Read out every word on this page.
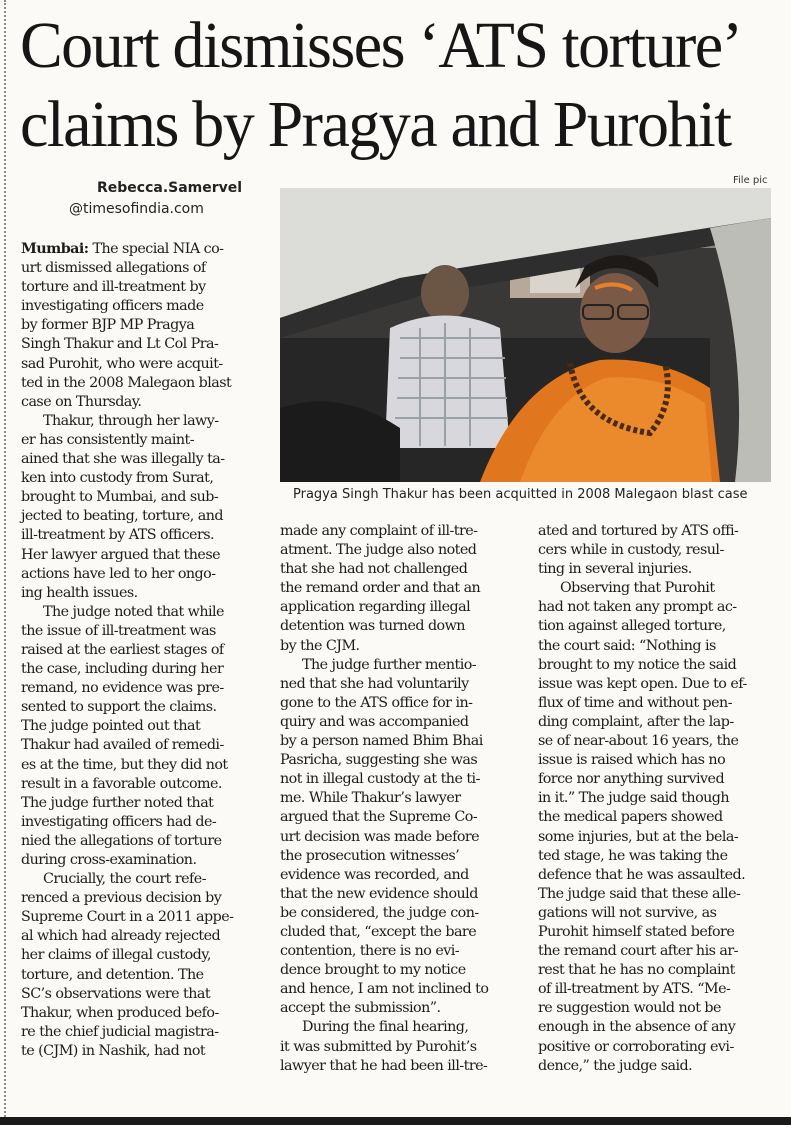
Court dismisses ‘ATS torture’
claims by Pragya and Purohit
Rebecca.Samervel
@timesofindia.com
File pic
Pragya Singh Thakur has been acquitted in 2008 Malegaon blast case

Mumbai: The special NIA co-
urt dismissed allegations of
torture and ill-treatment by
investigating officers made
by former BJP MP Pragya
Singh Thakur and Lt Col Pra-
sad Purohit, who were acquit-
ted in the 2008 Malegaon blast
case on Thursday.

Thakur, through her lawy-
er has consistently maint-
ained that she was illegally ta-
ken into custody from Surat,
brought to Mumbai, and sub-
jected to beating, torture, and
ill-treatment by ATS officers.
Her lawyer argued that these
actions have led to her ongo-
ing health issues.

The judge noted that while
the issue of ill-treatment was
raised at the earliest stages of
the case, including during her
remand, no evidence was pre-
sented to support the claims.
The judge pointed out that
Thakur had availed of remedi-
es at the time, but they did not
result in a favorable outcome.
The judge further noted that
investigating officers had de-
nied the allegations of torture
during cross-examination.

Crucially, the court refe-
renced a previous decision by
Supreme Court in a 2011 appe-
al which had already rejected
her claims of illegal custody,
torture, and detention. The
SC’s observations were that
Thakur, when produced befo-
re the chief judicial magistra-
te (CJM) in Nashik, had not

made any complaint of ill-tre-
atment. The judge also noted
that she had not challenged
the remand order and that an
application regarding illegal
detention was turned down
by the CJM.

The judge further mentio-
ned that she had voluntarily
gone to the ATS office for in-
quiry and was accompanied
by a person named Bhim Bhai
Pasricha, suggesting she was
not in illegal custody at the ti-
me. While Thakur’s lawyer
argued that the Supreme Co-
urt decision was made before
the prosecution witnesses’
evidence was recorded, and
that the new evidence should
be considered, the judge con-
cluded that, “except the bare
contention, there is no evi-
dence brought to my notice
and hence, I am not inclined to
accept the submission”.

During the final hearing,
it was submitted by Purohit’s
lawyer that he had been ill-tre-

ated and tortured by ATS offi-
cers while in custody, resul-
ting in several injuries.

Observing that Purohit
had not taken any prompt ac-
tion against alleged torture,
the court said: “Nothing is
brought to my notice the said
issue was kept open. Due to ef-
flux of time and without pen-
ding complaint, after the lap-
se of near-about 16 years, the
issue is raised which has no
force nor anything survived
in it.” The judge said though
the medical papers showed
some injuries, but at the bela-
ted stage, he was taking the
defence that he was assaulted.
The judge said that these alle-
gations will not survive, as
Purohit himself stated before
the remand court after his ar-
rest that he has no complaint
of ill-treatment by ATS. “Me-
re suggestion would not be
enough in the absence of any
positive or corroborating evi-
dence,” the judge said.
